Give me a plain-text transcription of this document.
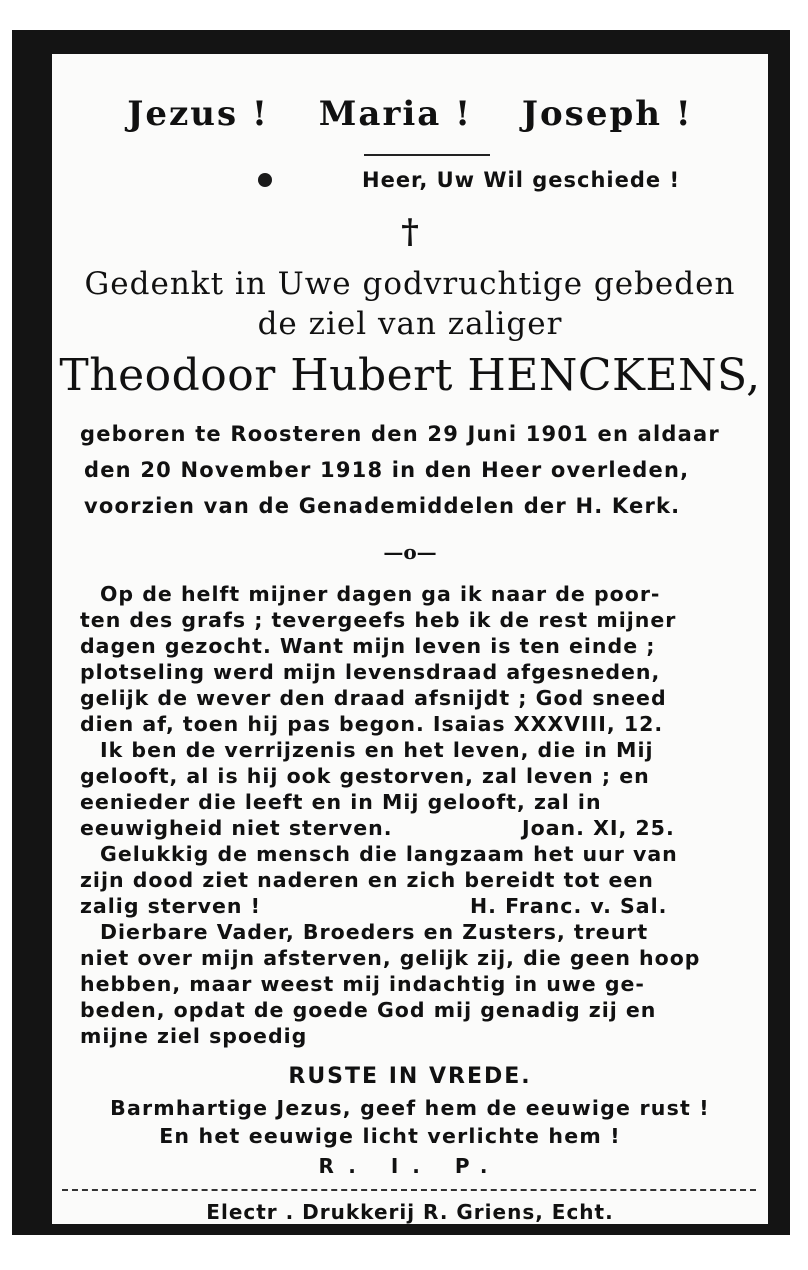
Jezus ! Maria ! Joseph !
Heer, Uw Wil geschiede !
†
Gedenkt in Uwe godvruchtige gebeden
de ziel van zaliger
Theodoor Hubert HENCKENS,
geboren te Roosteren den 29 Juni 1901 en aldaar
den 20 November 1918 in den Heer overleden,
voorzien van de Genademiddelen der H. Kerk.
—o—
Op de helft mijner dagen ga ik naar de poor-
ten des grafs ; tevergeefs heb ik de rest mijner
dagen gezocht. Want mijn leven is ten einde ;
plotseling werd mijn levensdraad afgesneden,
gelijk de wever den draad afsnijdt ; God sneed
dien af, toen hij pas begon. Isaias XXXVIII, 12.
Ik ben de verrijzenis en het leven, die in Mij
gelooft, al is hij ook gestorven, zal leven ; en
eenieder die leeft en in Mij gelooft, zal in
eeuwigheid niet sterven.	Joan. XI, 25.
Gelukkig de mensch die langzaam het uur van
zijn dood ziet naderen en zich bereidt tot een
zalig sterven !	H. Franc. v. Sal.
Dierbare Vader, Broeders en Zusters, treurt
niet over mijn afsterven, gelijk zij, die geen hoop
hebben, maar weest mij indachtig in uwe ge-
beden, opdat de goede God mij genadig zij en
mijne ziel spoedig
RUSTE IN VREDE.
Barmhartige Jezus, geef hem de eeuwige rust !
En het eeuwige licht verlichte hem !
R. I. P.
Electr . Drukkerij R. Griens, Echt.
